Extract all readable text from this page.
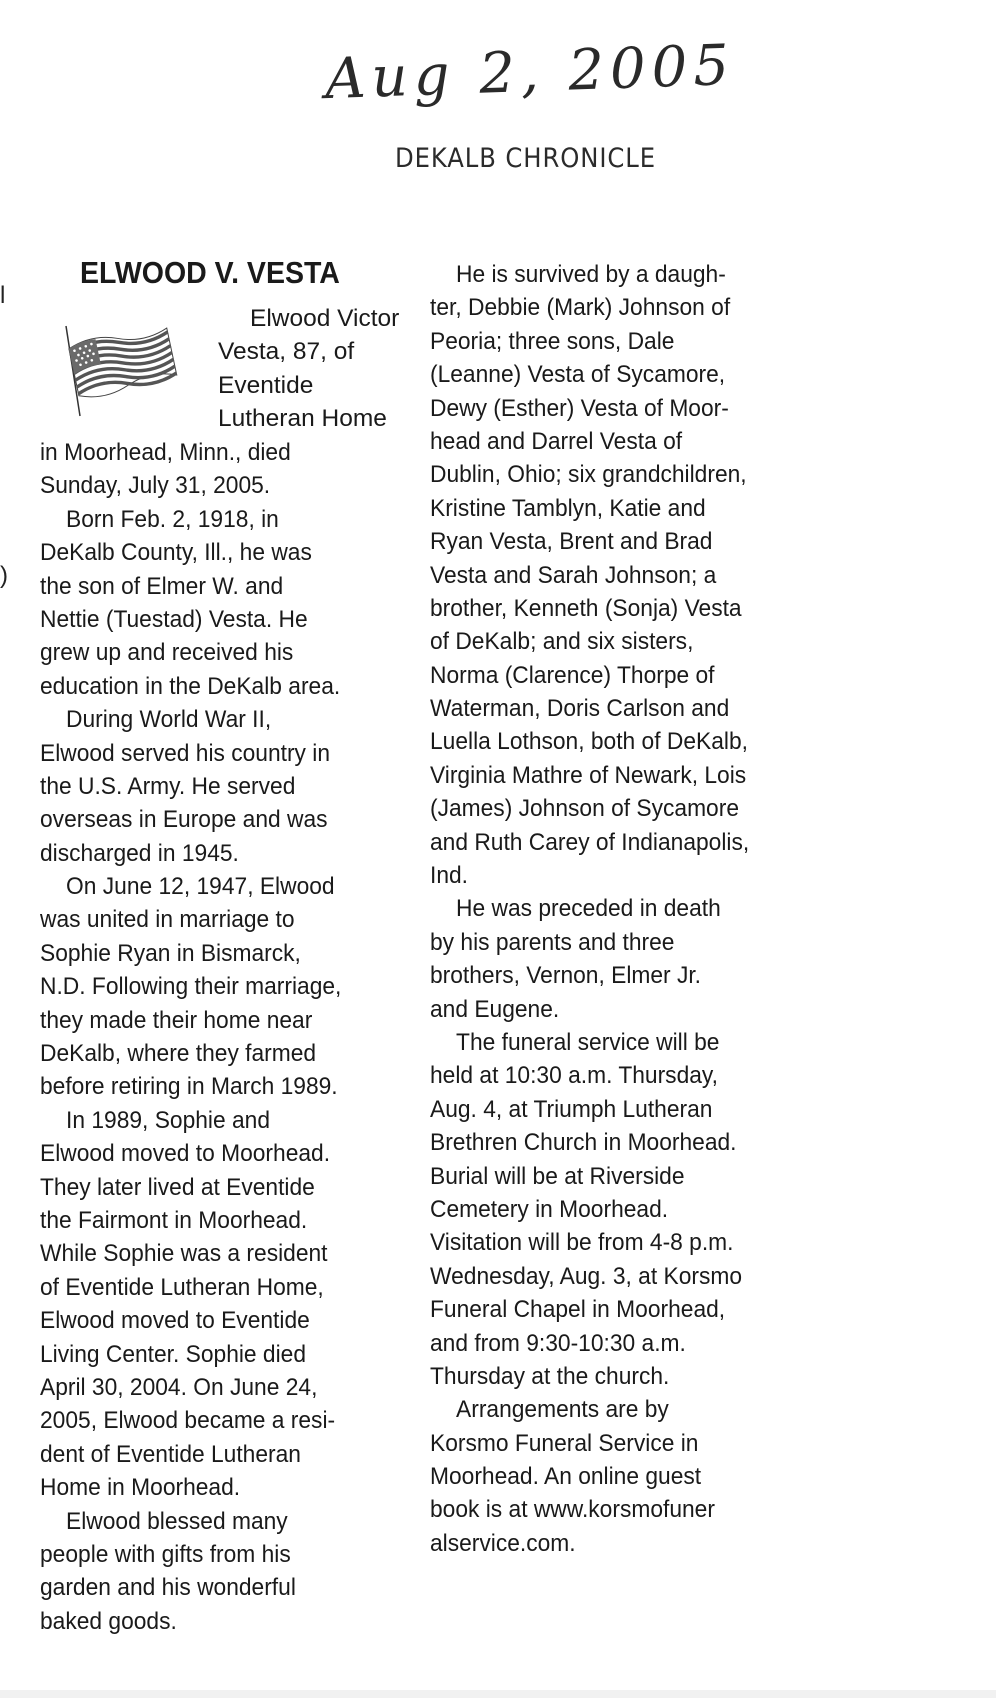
Aug 2, 2005
DEKALB CHRONICLE
l
)
ELWOOD V. VESTA
Elwood Victor
Vesta, 87, of
Eventide
Lutheran Home
in Moorhead, Minn., died
Sunday, July 31, 2005.
Born Feb. 2, 1918, in
DeKalb County, Ill., he was
the son of Elmer W. and
Nettie (Tuestad) Vesta. He
grew up and received his
education in the DeKalb area.
During World War II,
Elwood served his country in
the U.S. Army. He served
overseas in Europe and was
discharged in 1945.
On June 12, 1947, Elwood
was united in marriage to
Sophie Ryan in Bismarck,
N.D. Following their marriage,
they made their home near
DeKalb, where they farmed
before retiring in March 1989.
In 1989, Sophie and
Elwood moved to Moorhead.
They later lived at Eventide
the Fairmont in Moorhead.
While Sophie was a resident
of Eventide Lutheran Home,
Elwood moved to Eventide
Living Center. Sophie died
April 30, 2004. On June 24,
2005, Elwood became a resi-
dent of Eventide Lutheran
Home in Moorhead.
Elwood blessed many
people with gifts from his
garden and his wonderful
baked goods.
He is survived by a daugh-
ter, Debbie (Mark) Johnson of
Peoria; three sons, Dale
(Leanne) Vesta of Sycamore,
Dewy (Esther) Vesta of Moor-
head and Darrel Vesta of
Dublin, Ohio; six grandchildren,
Kristine Tamblyn, Katie and
Ryan Vesta, Brent and Brad
Vesta and Sarah Johnson; a
brother, Kenneth (Sonja) Vesta
of DeKalb; and six sisters,
Norma (Clarence) Thorpe of
Waterman, Doris Carlson and
Luella Lothson, both of DeKalb,
Virginia Mathre of Newark, Lois
(James) Johnson of Sycamore
and Ruth Carey of Indianapolis,
Ind.
He was preceded in death
by his parents and three
brothers, Vernon, Elmer Jr.
and Eugene.
The funeral service will be
held at 10:30 a.m. Thursday,
Aug. 4, at Triumph Lutheran
Brethren Church in Moorhead.
Burial will be at Riverside
Cemetery in Moorhead.
Visitation will be from 4-8 p.m.
Wednesday, Aug. 3, at Korsmo
Funeral Chapel in Moorhead,
and from 9:30-10:30 a.m.
Thursday at the church.
Arrangements are by
Korsmo Funeral Service in
Moorhead. An online guest
book is at www.korsmofuner
alservice.com.
